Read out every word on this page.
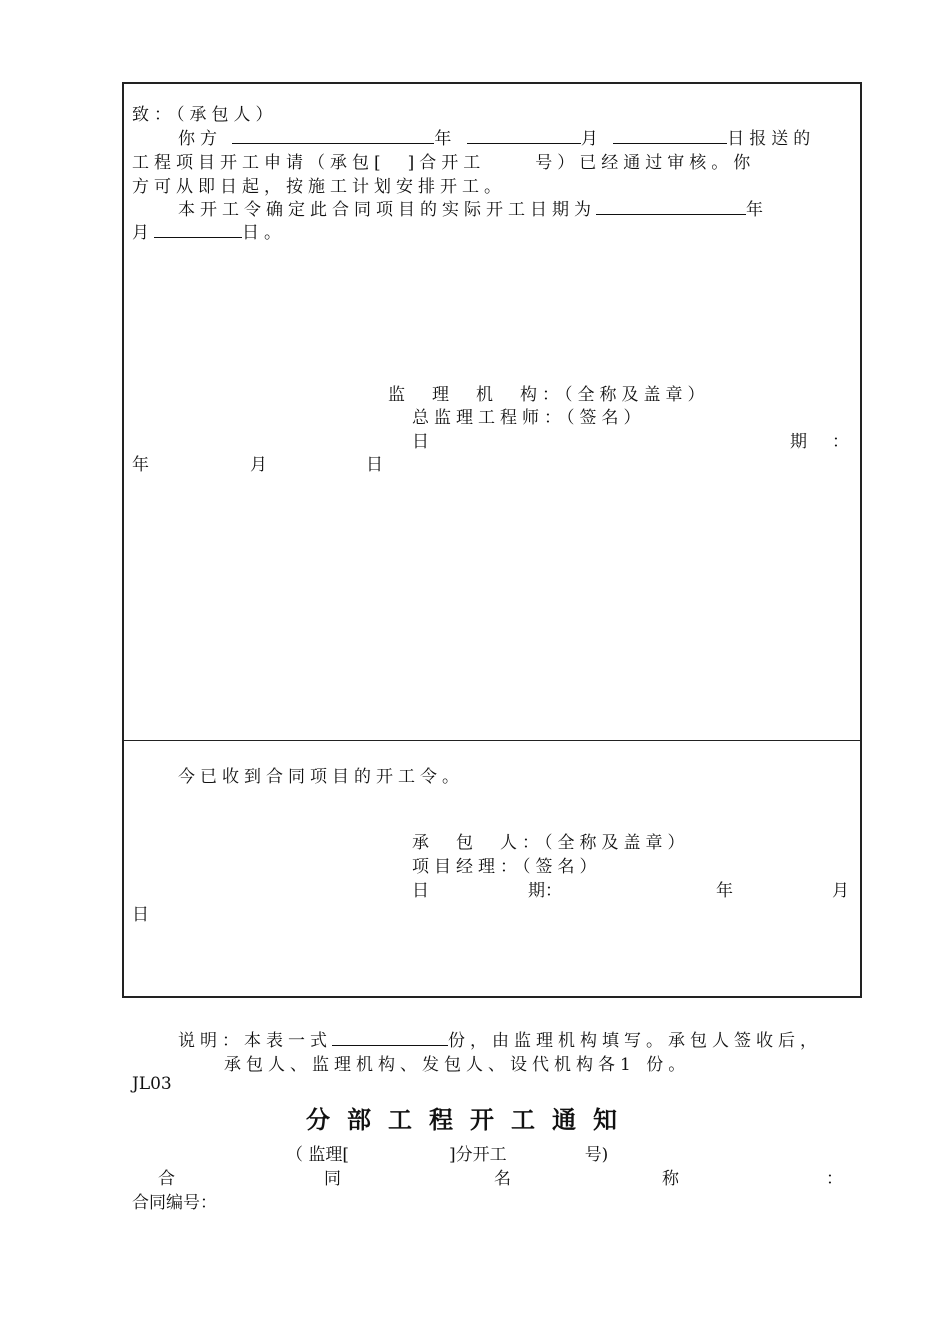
致：（承包人）
你方	年	月	日报送的
工程项目开工申请（承包[ ]合开工	号）已经通过审核。你
方可从即日起，按施工计划安排开工。
本开工令确定此合同项目的实际开工日期为	年
月	日。
监　理　机　构：（全称及盖章）
总监理工程师：（签名）
日	期　：
年	月	日
今已收到合同项目的开工令。
承　包　人：（全称及盖章）
项目经理：（签名）
日	期：	年	月
日
说明：本表一式	份，由监理机构填写。承包人签收后，
承包人、监理机构、发包人、设代机构各1 份。
JL03
分部工程开工通知
（ 监理[	]分开工	号)
合	同	名	称	：
合同编号：
